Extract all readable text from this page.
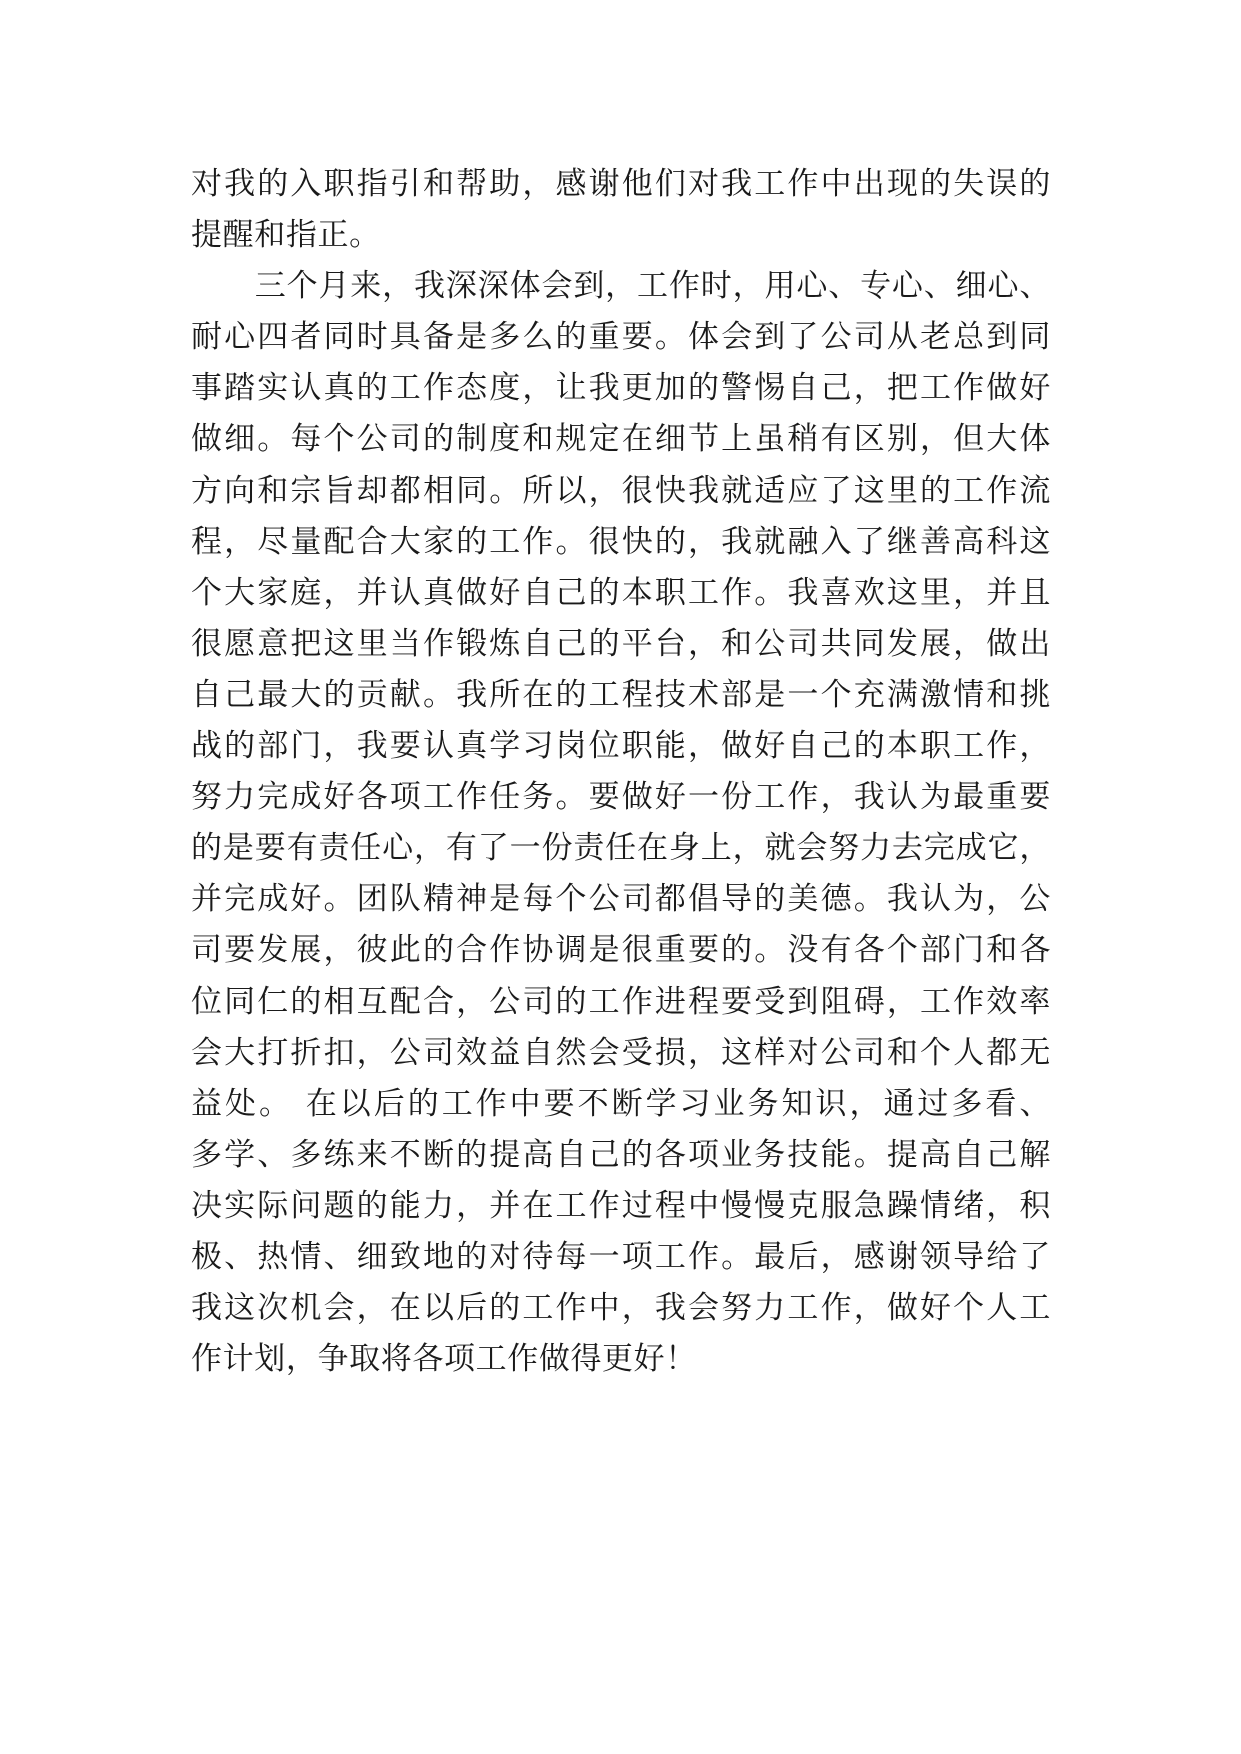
对我的入职指引和帮助，感谢他们对我工作中出现的失误的
提醒和指正。
　　三个月来，我深深体会到，工作时，用心、专心、细心、
耐心四者同时具备是多么的重要。体会到了公司从老总到同
事踏实认真的工作态度，让我更加的警惕自己，把工作做好
做细。每个公司的制度和规定在细节上虽稍有区别，但大体
方向和宗旨却都相同。所以，很快我就适应了这里的工作流
程，尽量配合大家的工作。很快的，我就融入了继善高科这
个大家庭，并认真做好自己的本职工作。我喜欢这里，并且
很愿意把这里当作锻炼自己的平台，和公司共同发展，做出
自己最大的贡献。我所在的工程技术部是一个充满激情和挑
战的部门，我要认真学习岗位职能，做好自己的本职工作，
努力完成好各项工作任务。要做好一份工作，我认为最重要
的是要有责任心，有了一份责任在身上，就会努力去完成它，
并完成好。团队精神是每个公司都倡导的美德。我认为，公
司要发展，彼此的合作协调是很重要的。没有各个部门和各
位同仁的相互配合，公司的工作进程要受到阻碍，工作效率
会大打折扣，公司效益自然会受损，这样对公司和个人都无
益处。 在以后的工作中要不断学习业务知识，通过多看、
多学、多练来不断的提高自己的各项业务技能。提高自己解
决实际问题的能力，并在工作过程中慢慢克服急躁情绪，积
极、热情、细致地的对待每一项工作。最后，感谢领导给了
我这次机会，在以后的工作中，我会努力工作，做好个人工
作计划，争取将各项工作做得更好！
